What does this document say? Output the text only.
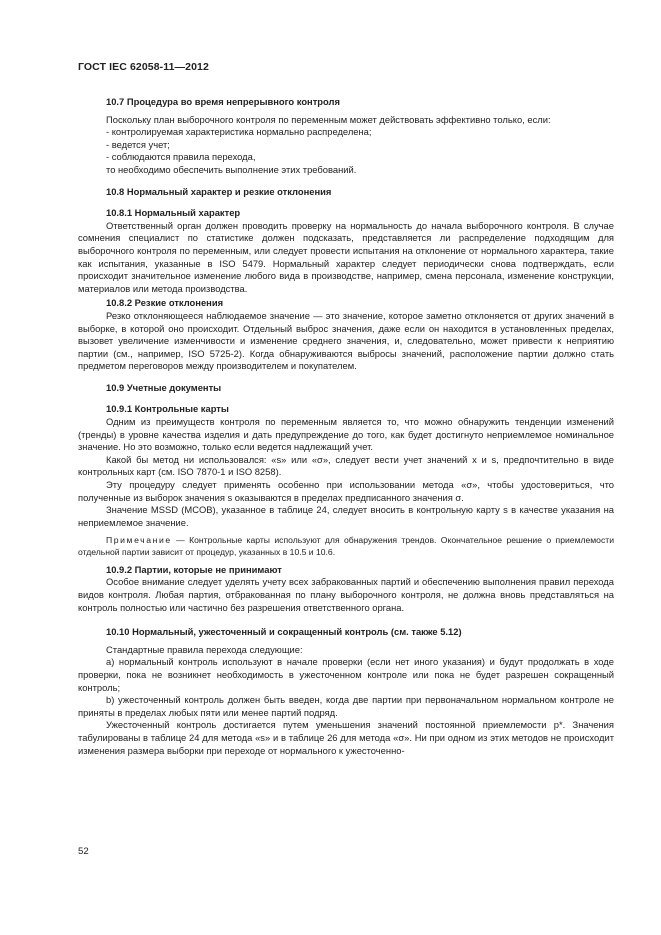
ГОСТ IEC 62058-11—2012

10.7 Процедура во время непрерывного контроля

Поскольку план выборочного контроля по переменным может действовать эффективно только, если:

- контролируемая характеристика нормально распределена;

- ведется учет;

- соблюдаются правила перехода,

то необходимо обеспечить выполнение этих требований.

10.8 Нормальный характер и резкие отклонения

10.8.1 Нормальный характер

Ответственный орган должен проводить проверку на нормальность до начала выборочного контроля. В случае сомнения специалист по статистике должен подсказать, представляется ли распределение подходящим для выборочного контроля по переменным, или следует провести испытания на отклонение от нормального характера, такие как испытания, указанные в ISO 5479. Нормальный характер следует периодически снова подтверждать, если происходит значительное изменение любого вида в производстве, например, смена персонала, изменение конструкции, материалов или метода производства.

10.8.2 Резкие отклонения

Резко отклоняющееся наблюдаемое значение — это значение, которое заметно отклоняется от других значений в выборке, в которой оно происходит. Отдельный выброс значения, даже если он находится в установленных пределах, вызовет увеличение изменчивости и изменение среднего значения, и, следовательно, может привести к неприятию партии (см., например, ISO 5725-2). Когда обнаруживаются выбросы значений, расположение партии должно стать предметом переговоров между производителем и покупателем.

10.9 Учетные документы

10.9.1 Контрольные карты

Одним из преимуществ контроля по переменным является то, что можно обнаружить тенденции изменений (тренды) в уровне качества изделия и дать предупреждение до того, как будет достигнуто неприемлемое номинальное значение. Но это возможно, только если ведется надлежащий учет.

Какой бы метод ни использовался: «s» или «σ», следует вести учет значений x и s, предпочтительно в виде контрольных карт (см. ISO 7870-1 и ISO 8258).

Эту процедуру следует применять особенно при использовании метода «σ», чтобы удостовериться, что полученные из выборок значения s оказываются в пределах предписанного значения σ.

Значение MSSD (MCOB), указанное в таблице 24, следует вносить в контрольную карту s в качестве указания на неприемлемое значение.

Примечание — Контрольные карты используют для обнаружения трендов. Окончательное решение о приемлемости отдельной партии зависит от процедур, указанных в 10.5 и 10.6.

10.9.2 Партии, которые не принимают

Особое внимание следует уделять учету всех забракованных партий и обеспечению выполнения правил перехода видов контроля. Любая партия, отбракованная по плану выборочного контроля, не должна вновь представляться на контроль полностью или частично без разрешения ответственного органа.

10.10 Нормальный, ужесточенный и сокращенный контроль (см. также 5.12)

Стандартные правила перехода следующие:

a) нормальный контроль используют в начале проверки (если нет иного указания) и будут продолжать в ходе проверки, пока не возникнет необходимость в ужесточенном контроле или пока не будет разрешен сокращенный контроль;

b) ужесточенный контроль должен быть введен, когда две партии при первоначальном нормальном контроле не приняты в пределах любых пяти или менее партий подряд.

Ужесточенный контроль достигается путем уменьшения значений постоянной приемлемости p*. Значения табулированы в таблице 24 для метода «s» и в таблице 26 для метода «σ». Ни при одном из этих методов не происходит изменения размера выборки при переходе от нормального к ужесточенно-

52
